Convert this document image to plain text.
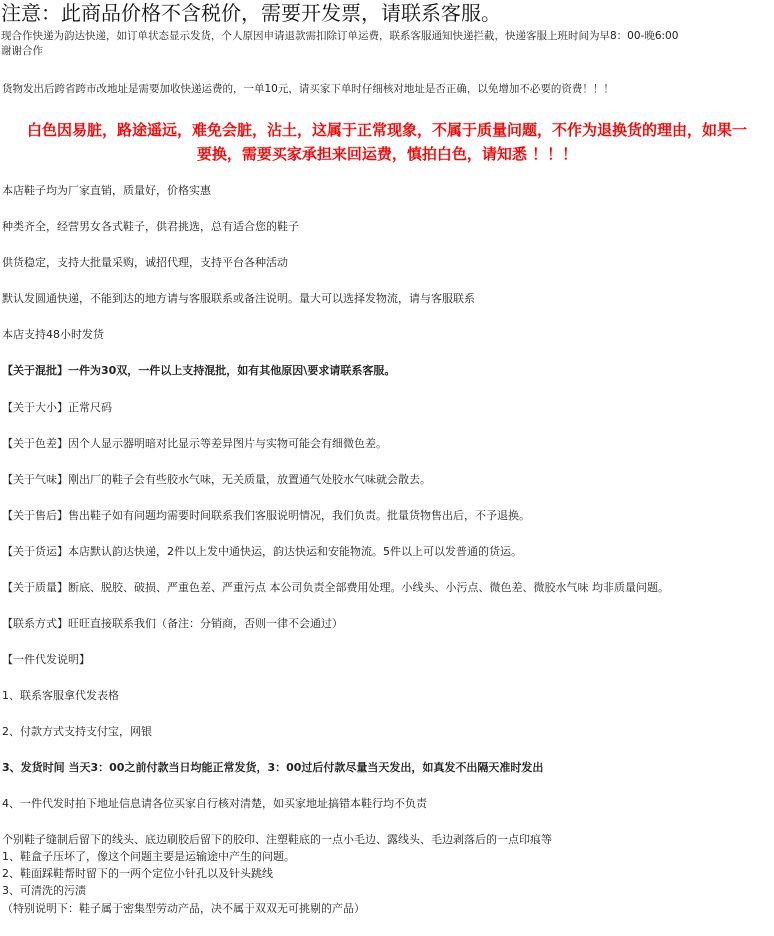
注意：此商品价格不含税价，需要开发票，请联系客服。
现合作快递为韵达快递，如订单状态显示发货，个人原因申请退款需扣除订单运费，联系客服通知快递拦截，快递客服上班时间为早8：00-晚6:00
谢谢合作
货物发出后跨省跨市改地址是需要加收快递运费的，一单10元，请买家下单时仔细核对地址是否正确，以免增加不必要的资费！！！
白色因易脏，路途遥远，难免会脏，沾土，这属于正常现象，不属于质量问题，不作为退换货的理由，如果一
要换，需要买家承担来回运费，慎拍白色，请知悉 ！！！
本店鞋子均为厂家直销，质量好，价格实惠
种类齐全，经营男女各式鞋子，供君挑选，总有适合您的鞋子
供货稳定，支持大批量采购，诚招代理，支持平台各种活动
默认发圆通快递，不能到达的地方请与客服联系或备注说明。量大可以选择发物流，请与客服联系
本店支持48小时发货
【关于混批】一件为30双，一件以上支持混批，如有其他原因\要求请联系客服。
【关于大小】正常尺码
【关于色差】因个人显示器明暗对比显示等差异图片与实物可能会有细微色差。
【关于气味】刚出厂的鞋子会有些胶水气味，无关质量，放置通气处胶水气味就会散去。
【关于售后】售出鞋子如有问题均需要时间联系我们客服说明情况，我们负责。批量货物售出后，不予退换。
【关于货运】本店默认韵达快递，2件以上发中通快运，韵达快运和安能物流。5件以上可以发普通的货运。
【关于质量】断底、脱胶、破损、严重色差、严重污点 本公司负责全部费用处理。小线头、小污点、微色差、微胶水气味 均非质量问题。
【联系方式】旺旺直接联系我们（备注：分销商，否则一律不会通过）
【一件代发说明】
1、联系客服拿代发表格
2、付款方式支持支付宝，网银
3、发货时间 当天3：00之前付款当日均能正常发货，3：00过后付款尽量当天发出，如真发不出隔天准时发出
4、一件代发时拍下地址信息请各位买家自行核对清楚，如买家地址搞错本鞋行均不负责
个别鞋子缝制后留下的线头、底边刷胶后留下的胶印、注塑鞋底的一点小毛边、露线头、毛边剥落后的一点印痕等
1、鞋盒子压坏了，像这个问题主要是运输途中产生的问题。
2、鞋面踩鞋帮时留下的一两个定位小针孔以及针头跳线
3、可清洗的污渍
（特别说明下：鞋子属于密集型劳动产品，决不属于双双无可挑剔的产品）
